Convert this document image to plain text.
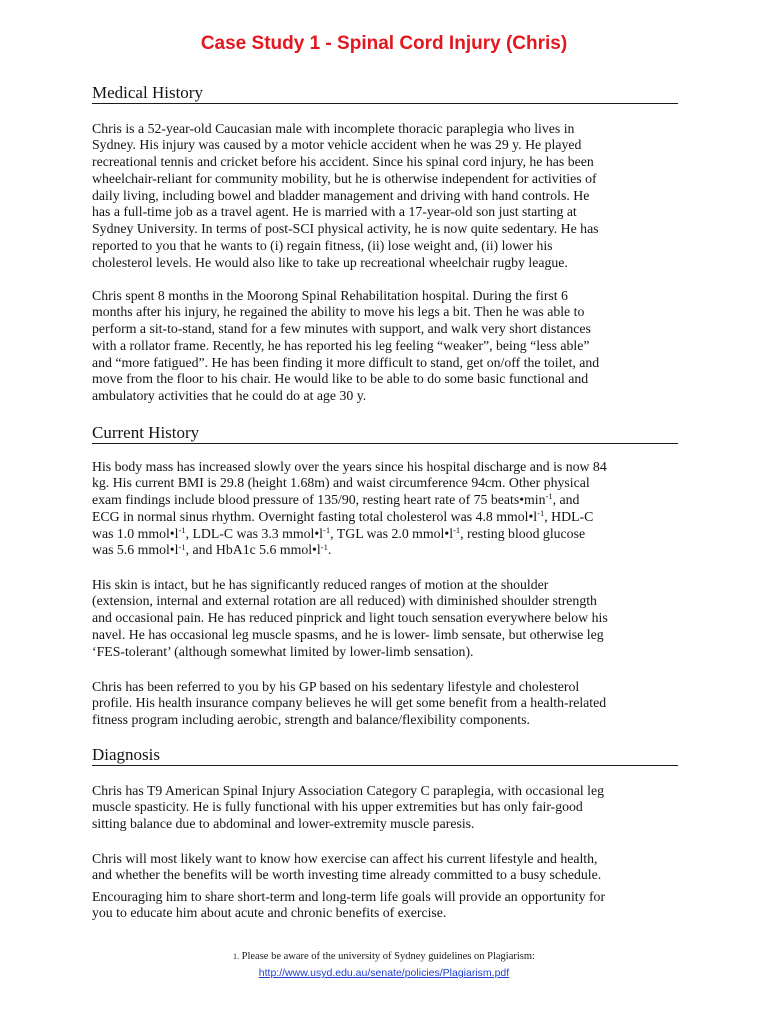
Case Study 1 - Spinal Cord Injury (Chris)
Medical History
Chris is a 52-year-old Caucasian male with incomplete thoracic paraplegia who lives in
Sydney. His injury was caused by a motor vehicle accident when he was 29 y. He played
recreational tennis and cricket before his accident. Since his spinal cord injury, he has been
wheelchair-reliant for community mobility, but he is otherwise independent for activities of
daily living, including bowel and bladder management and driving with hand controls. He
has a full-time job as a travel agent. He is married with a 17-year-old son just starting at
Sydney University. In terms of post-SCI physical activity, he is now quite sedentary. He has
reported to you that he wants to (i) regain fitness, (ii) lose weight and, (ii) lower his
cholesterol levels. He would also like to take up recreational wheelchair rugby league.
Chris spent 8 months in the Moorong Spinal Rehabilitation hospital. During the first 6
months after his injury, he regained the ability to move his legs a bit. Then he was able to
perform a sit-to-stand, stand for a few minutes with support, and walk very short distances
with a rollator frame. Recently, he has reported his leg feeling “weaker”, being “less able”
and “more fatigued”. He has been finding it more difficult to stand, get on/off the toilet, and
move from the floor to his chair. He would like to be able to do some basic functional and
ambulatory activities that he could do at age 30 y.
Current History
His body mass has increased slowly over the years since his hospital discharge and is now 84
kg. His current BMI is 29.8 (height 1.68m) and waist circumference 94cm. Other physical
exam findings include blood pressure of 135/90, resting heart rate of 75 $beats•\min^{-1}$, and
ECG in normal sinus rhythm. Overnight fasting total cholesterol was 4.8 $mmol•l^{-1}$, HDL-C
was 1.0 $mmol•l^{-1}$, LDL-C was 3.3 $mmol•l^{-1}$, TGL was 2.0 $mmol•l^{-1}$, resting blood glucose
was 5.6 $mmol•l^{-1}$, and HbA1c 5.6 $mmol•l^{-1}$.
His skin is intact, but he has significantly reduced ranges of motion at the shoulder
(extension, internal and external rotation are all reduced) with diminished shoulder strength
and occasional pain. He has reduced pinprick and light touch sensation everywhere below his
navel. He has occasional leg muscle spasms, and he is lower- limb sensate, but otherwise leg
‘FES-tolerant’ (although somewhat limited by lower-limb sensation).
Chris has been referred to you by his GP based on his sedentary lifestyle and cholesterol
profile. His health insurance company believes he will get some benefit from a health-related
fitness program including aerobic, strength and balance/flexibility components.
Diagnosis
Chris has T9 American Spinal Injury Association Category C paraplegia, with occasional leg
muscle spasticity. He is fully functional with his upper extremities but has only fair-good
sitting balance due to abdominal and lower-extremity muscle paresis.
Chris will most likely want to know how exercise can affect his current lifestyle and health,
and whether the benefits will be worth investing time already committed to a busy schedule.
Encouraging him to share short-term and long-term life goals will provide an opportunity for
you to educate him about acute and chronic benefits of exercise.
1. Please be aware of the university of Sydney guidelines on Plagiarism:
http://www.usyd.edu.au/senate/policies/Plagiarism.pdf
